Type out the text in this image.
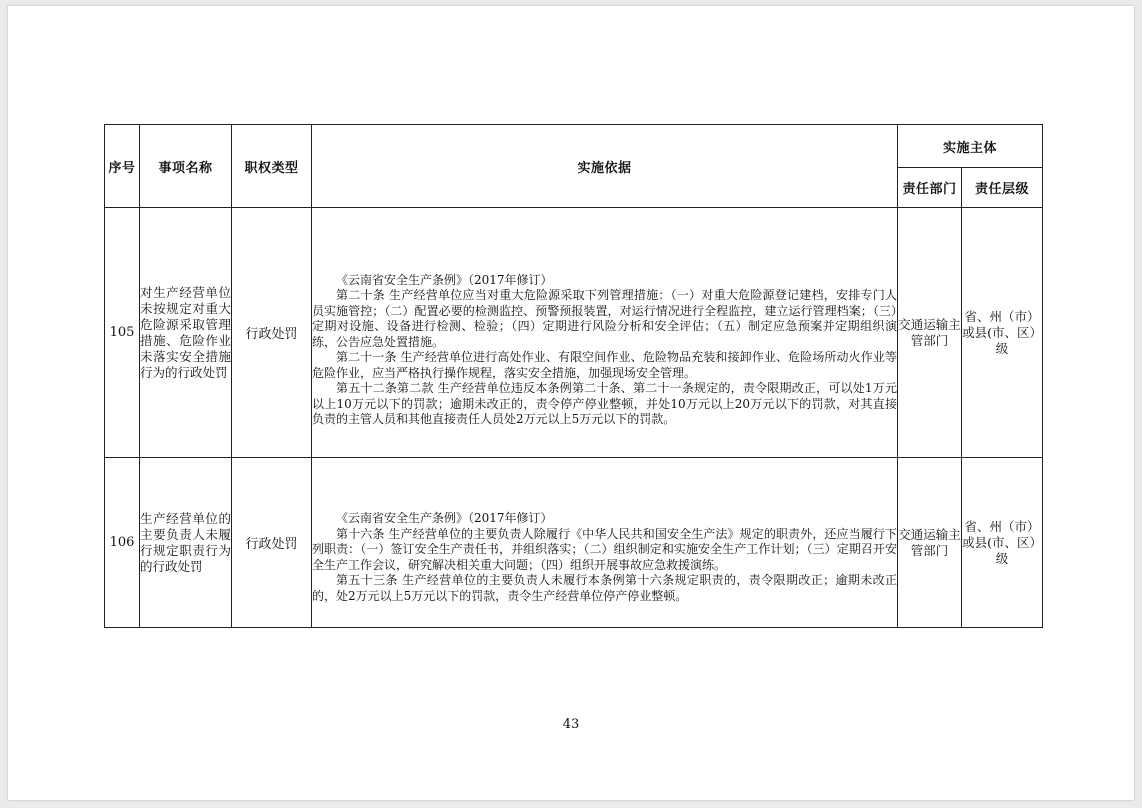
序号	事项名称	职权类型	实施依据	实施主体	
				责任部门	责任层级
105	对生产经营单位未按规定对重大危险源采取管理措施、危险作业未落实安全措施行为的行政处罚	行政处罚	《云南省安全生产条例》（2017年修订）

第二十条 生产经营单位应当对重大危险源采取下列管理措施：（一）对重大危险源登记建档，安排专门人员实施管控；（二）配置必要的检测监控、预警预报装置，对运行情况进行全程监控，建立运行管理档案；（三）定期对设施、设备进行检测、检验；（四）定期进行风险分析和安全评估；（五）制定应急预案并定期组织演练，公告应急处置措施。

第二十一条 生产经营单位进行高处作业、有限空间作业、危险物品充装和接卸作业、危险场所动火作业等危险作业，应当严格执行操作规程，落实安全措施，加强现场安全管理。

第五十二条第二款 生产经营单位违反本条例第二十条、第二十一条规定的，责令限期改正，可以处1万元以上10万元以下的罚款；逾期未改正的，责令停产停业整顿，并处10万元以上20万元以下的罚款，对其直接负责的主管人员和其他直接责任人员处2万元以上5万元以下的罚款。	交通运输主管部门	省、州（市）或县(市、区）级
106	生产经营单位的主要负责人未履行规定职责行为的行政处罚	行政处罚	《云南省安全生产条例》（2017年修订）

第十六条 生产经营单位的主要负责人除履行《中华人民共和国安全生产法》规定的职责外，还应当履行下列职责：（一）签订安全生产责任书，并组织落实；（二）组织制定和实施安全生产工作计划；（三）定期召开安全生产工作会议，研究解决相关重大问题；（四）组织开展事故应急救援演练。

第五十三条 生产经营单位的主要负责人未履行本条例第十六条规定职责的，责令限期改正；逾期未改正的，处2万元以上5万元以下的罚款，责令生产经营单位停产停业整顿。	交通运输主管部门	省、州（市）或县(市、区）级
43
